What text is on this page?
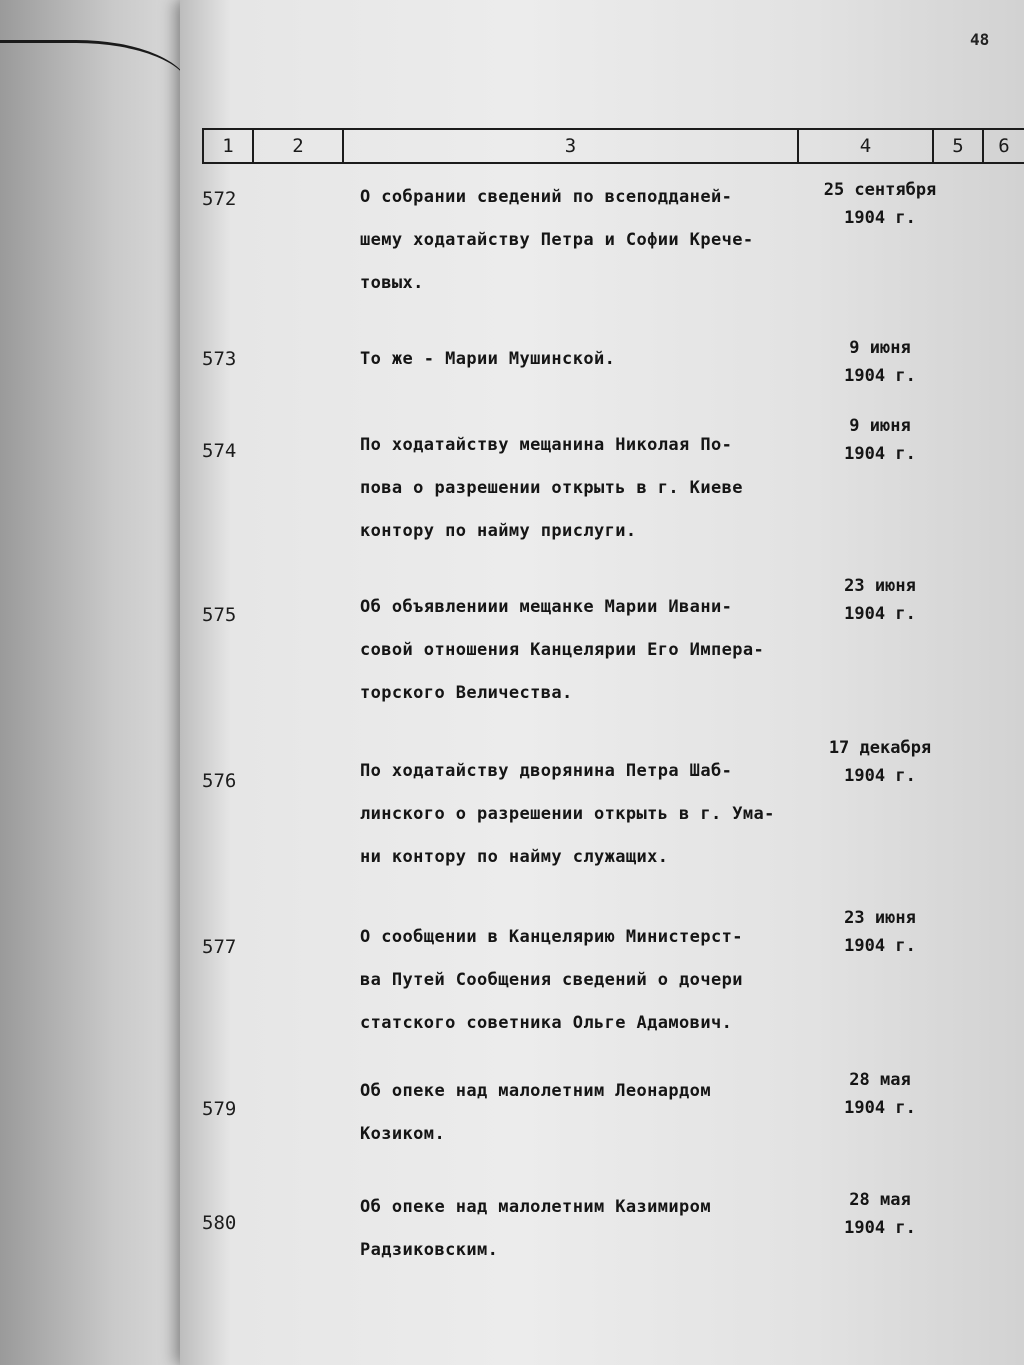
48
1	2	3	4	5	6
572	О собрании сведений по всеподданей-
шему ходатайству Петра и Софии Кречe-
товых.
25 сентября
1904 г.
573	То же - Марии Мушинской.
9 июня
1904 г.
574	По ходатайству мещанина Николая По-
пова о разрешении открыть в г. Киеве
контору по найму прислуги.
9 июня
1904 г.
575	Об объявлениии мещанке Марии Ивани-
совой отношения Канцелярии Его Импера-
торского Величества.
23 июня
1904 г.
576	По ходатайству дворянина Петра Шаб-
линского о разрешении открыть в г. Ума-
ни контору по найму служащих.
17 декабря
1904 г.
577	О сообщении в Канцелярию Министерст-
ва Путей Сообщения сведений о дочери
статского советника Ольге Адамович.
23 июня
1904 г.
579
Об опеке над малолетним Леонардом
Козиком.
28 мая
1904 г.
580
Об опеке над малолетним Казимиром
Радзиковским.
28 мая
1904 г.
